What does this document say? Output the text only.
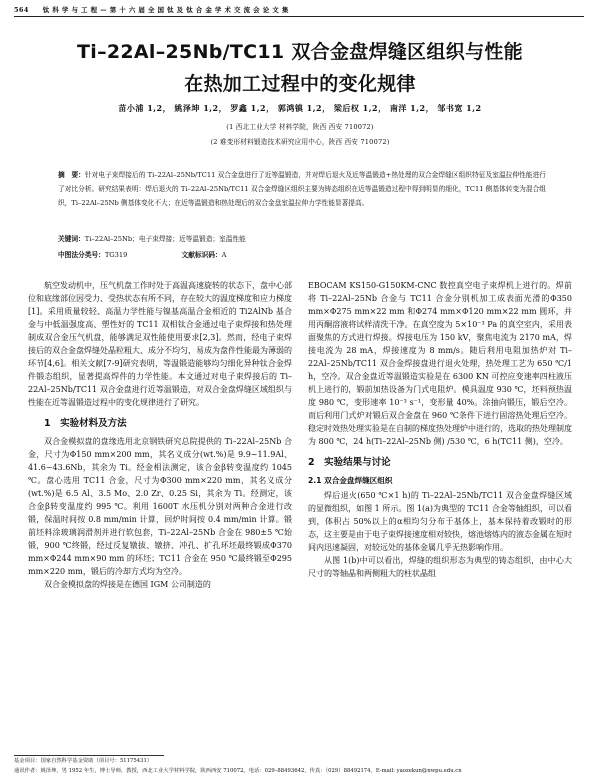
564 钛 科 学 与 工 程 — 第 十 六 届 全 国 钛 及 钛 合 金 学 术 交 流 会 论 文 集
Ti–22Al–25Nb/TC11 双合金盘焊缝区组织与性能
在热加工过程中的变化规律
苗小浦 1,2， 姚泽坤 1,2， 罗鑫 1,2， 郭鸿镇 1,2， 梁后权 1,2， 南洋 1,2， 邹书宽 1,2
(1 西北工业大学 材料学院，陕西 西安 710072)
(2 难变形材料锻造技术研究应用中心，陕西 西安 710072)
摘　要：针对电子束焊接后的 Ti–22Al–25Nb/TC11 双合金盘进行了近等温锻造，并对焊后退火及近等温锻造+热处理的双合金焊缝区组织特征及室温拉伸性能进行了对比分析。研究结果表明：焊后退火的 Ti–22Al–25Nb/TC11 双合金焊缝区组织主要为铸态组织在近等温锻造过程中得到明显的细化，TC11 侧基体转变为混合组织，Ti–22Al–25Nb 侧基体变化不大；在近等温锻造和热处理后的双合金盘室温拉伸力学性能显著提高。
关键词：Ti–22Al–25Nb；电子束焊接；近等温锻造；室温性能
中图法分类号：TG319	文献标识码：A

航空发动机中，压气机盘工作时处于高温高速旋转的状态下，盘中心部位和底缘部位因受力、受热状态有所不同，存在较大的温度梯度和应力梯度[1]。采用质量较轻、高温力学性能与镍基高温合金相近的 Ti2AlNb 基合金与中低温强度高、塑性好的 TC11 双相钛合金通过电子束焊接和热处理制成双合金压气机盘，能够满足双性能使用要求[2,3]。然而，经电子束焊接后的双合金盘焊缝处晶粒粗大、成分不均匀，易成为盘件性能最为薄弱的环节[4,6]。相关文献[7-9]研究表明，等温锻造能够均匀细化异种钛合金焊件锻态组织，显著提高焊件的力学性能。本文通过对电子束焊接后的 Ti–22Al–25Nb/TC11 双合金盘进行近等温锻造，对双合金盘焊缝区域组织与性能在近等温锻造过程中的变化规律进行了研究。

1　实验材料及方法

双合金模拟盘的盘缘选用北京钢铁研究总院提供的 Ti–22Al–25Nb 合金，尺寸为Φ150 mm×200 mm，其名义成分(wt.%)是 9.9~11.9Al、41.6~43.6Nb，其余为 Ti。经金相法测定，该合金β转变温度约 1045 ℃。盘心选用 TC11 合金，尺寸为Φ300 mm×220 mm，其名义成分(wt.%)是 6.5 Al、3.5 Mo、2.0 Zr、0.25 Si，其余为 Ti。经测定，该合金β转变温度约 995 ℃。利用 1600T 水压机分别对两种合金进行改锻，保温时间按 0.8 mm/min 计算，回炉时间按 0.4 mm/min 计算。锻前坯料涂玻璃润滑剂并进行软包套，Ti–22Al–25Nb 合金在 980±5 ℃始锻，900 ℃终锻，经过反复镦拔、镦挤、冲孔、扩孔环坯最终锻成Φ370 mm×Φ244 mm×90 mm 的环坯；TC11 合金在 950 ℃最终锻至Φ295 mm×220 mm，锻后的冷却方式均为空冷。

双合金模拟盘的焊接是在德国 IGM 公司制造的

EBOCAM KS150-G150KM-CNC 数控真空电子束焊机上进行的。焊前将 Ti–22Al–25Nb 合金与 TC11 合金分别机加工成表面光滑的Φ350 mm×Φ275 mm×22 mm 和Φ274 mm×Φ120 mm×22 mm 圆环，并用丙酮溶液将试样清洗干净。在真空度为 5×10⁻³ Pa 的真空室内，采用表面聚焦的方式进行焊接。焊接电压为 150 kV，聚焦电流为 2170 mA，焊接电流为 28 mA，焊接速度为 8 mm/s。随后利用电阻加热炉对 Ti–22Al–25Nb/TC11 双合金焊接盘进行退火处理，热处理工艺为 650 ℃/1 h，空冷。双合金盘近等温锻造实验是在 6300 KN 可控应变速率四柱液压机上进行的，锻前加热设备为门式电阻炉。模具温度 930 ℃，坯料预热温度 980 ℃，变形速率 10⁻³ s⁻¹，变形量 40%。涂抽向锻压，锻后空冷。而后利用门式炉对锻后双合金盘在 960 ℃条件下进行固溶热处理后空冷。稳定时效热处理实验是在自制的梯度热处理炉中进行的，选取的热处理制度为 800 ℃，24 h(Ti–22Al–25Nb 侧) /530 ℃，6 h(TC11 侧)，空冷。

2　实验结果与讨论
2.1 双合金盘焊缝区组织

焊后退火(650 ℃×1 h)的 Ti–22Al–25Nb/TC11 双合金盘焊缝区域的显微组织，如图 1 所示。图 1(a)为典型的 TC11 合金等轴组织，可以看到，体积占 50%以上的α相均匀分布于基体上，基本保持着改锻时的形态，这主要是由于电子束焊接速度相对较快，熔池熔炼内的液态金属在短时间内迅速凝固，对较远处的基体金属几乎无热影响作用。

从图 1(b)中可以看出，焊缝的组织形态为典型的铸态组织，由中心大尺寸的等轴晶和两侧粗大的柱状晶组

基金项目：国家自然科学基金资助（项目号：51175431）
通讯作者：姚泽坤，男 1952 年生，博士导师，教授，西北工业大学材料学院，陕西西安 710072。电话：029–88493642，传真：（029）88492174，E-mail: yaozekun@nwpu.edu.cn
